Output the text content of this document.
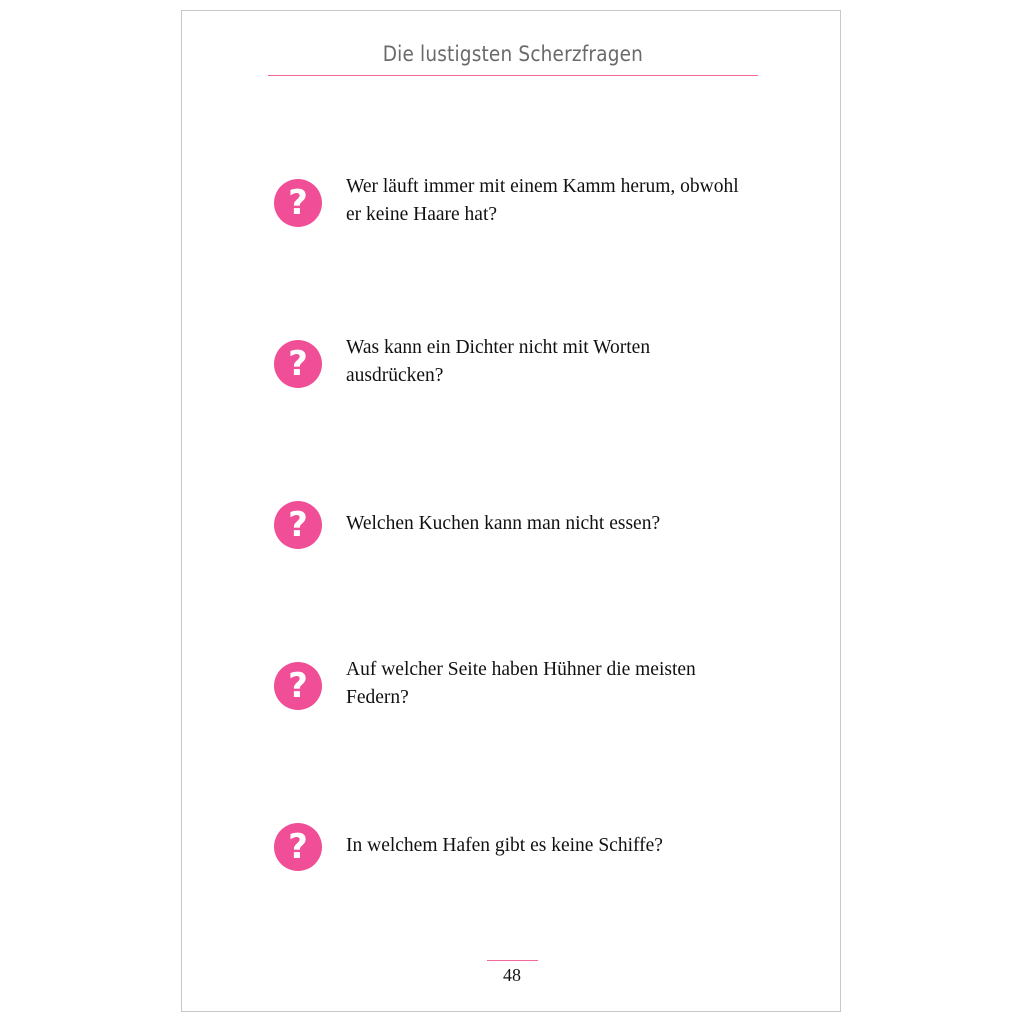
Die lustigsten Scherzfragen
?	Wer läuft immer mit einem Kamm herum, obwohl er keine Haare hat?
?	Was kann ein Dichter nicht mit Worten ausdrücken?
?	Welchen Kuchen kann man nicht essen?
?	Auf welcher Seite haben Hühner die meisten Federn?
?	In welchem Hafen gibt es keine Schiffe?
48
